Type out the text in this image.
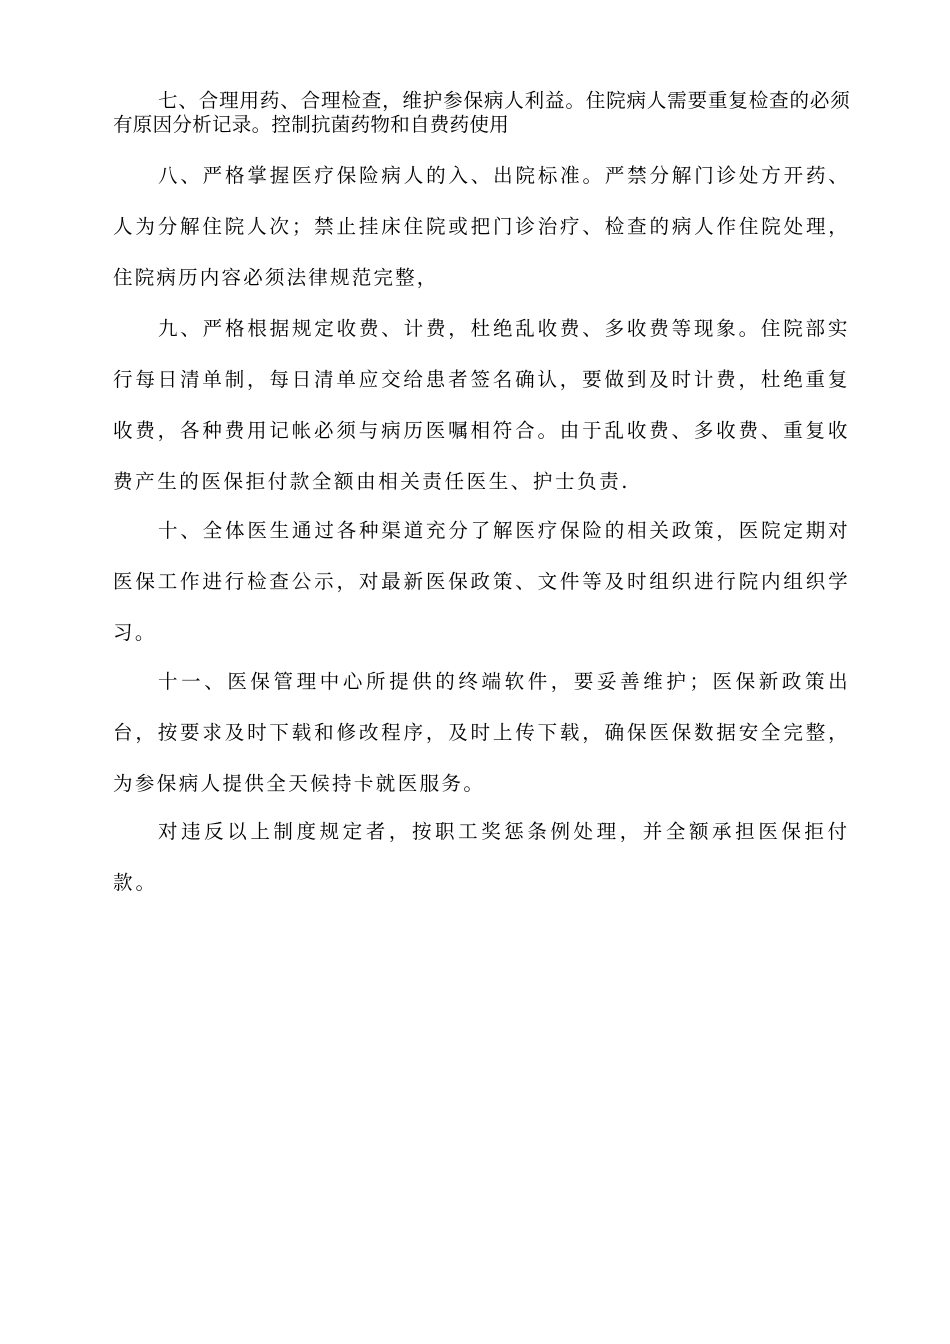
七、合理用药、合理检查，维护参保病人利益。住院病人需要重复检查的必须有原因分析记录。控制抗菌药物和自费药使用

八、严格掌握医疗保险病人的入、出院标准。严禁分解门诊处方开药、人为分解住院人次；禁止挂床住院或把门诊治疗、检查的病人作住院处理，住院病历内容必须法律规范完整，

九、严格根据规定收费、计费，杜绝乱收费、多收费等现象。住院部实行每日清单制，每日清单应交给患者签名确认，要做到及时计费，杜绝重复收费，各种费用记帐必须与病历医嘱相符合。由于乱收费、多收费、重复收费产生的医保拒付款全额由相关责任医生、护士负责.

十、全体医生通过各种渠道充分了解医疗保险的相关政策，医院定期对医保工作进行检查公示，对最新医保政策、文件等及时组织进行院内组织学习。

十一、医保管理中心所提供的终端软件，要妥善维护；医保新政策出台，按要求及时下载和修改程序，及时上传下载，确保医保数据安全完整，为参保病人提供全天候持卡就医服务。

对违反以上制度规定者，按职工奖惩条例处理，并全额承担医保拒付款。
